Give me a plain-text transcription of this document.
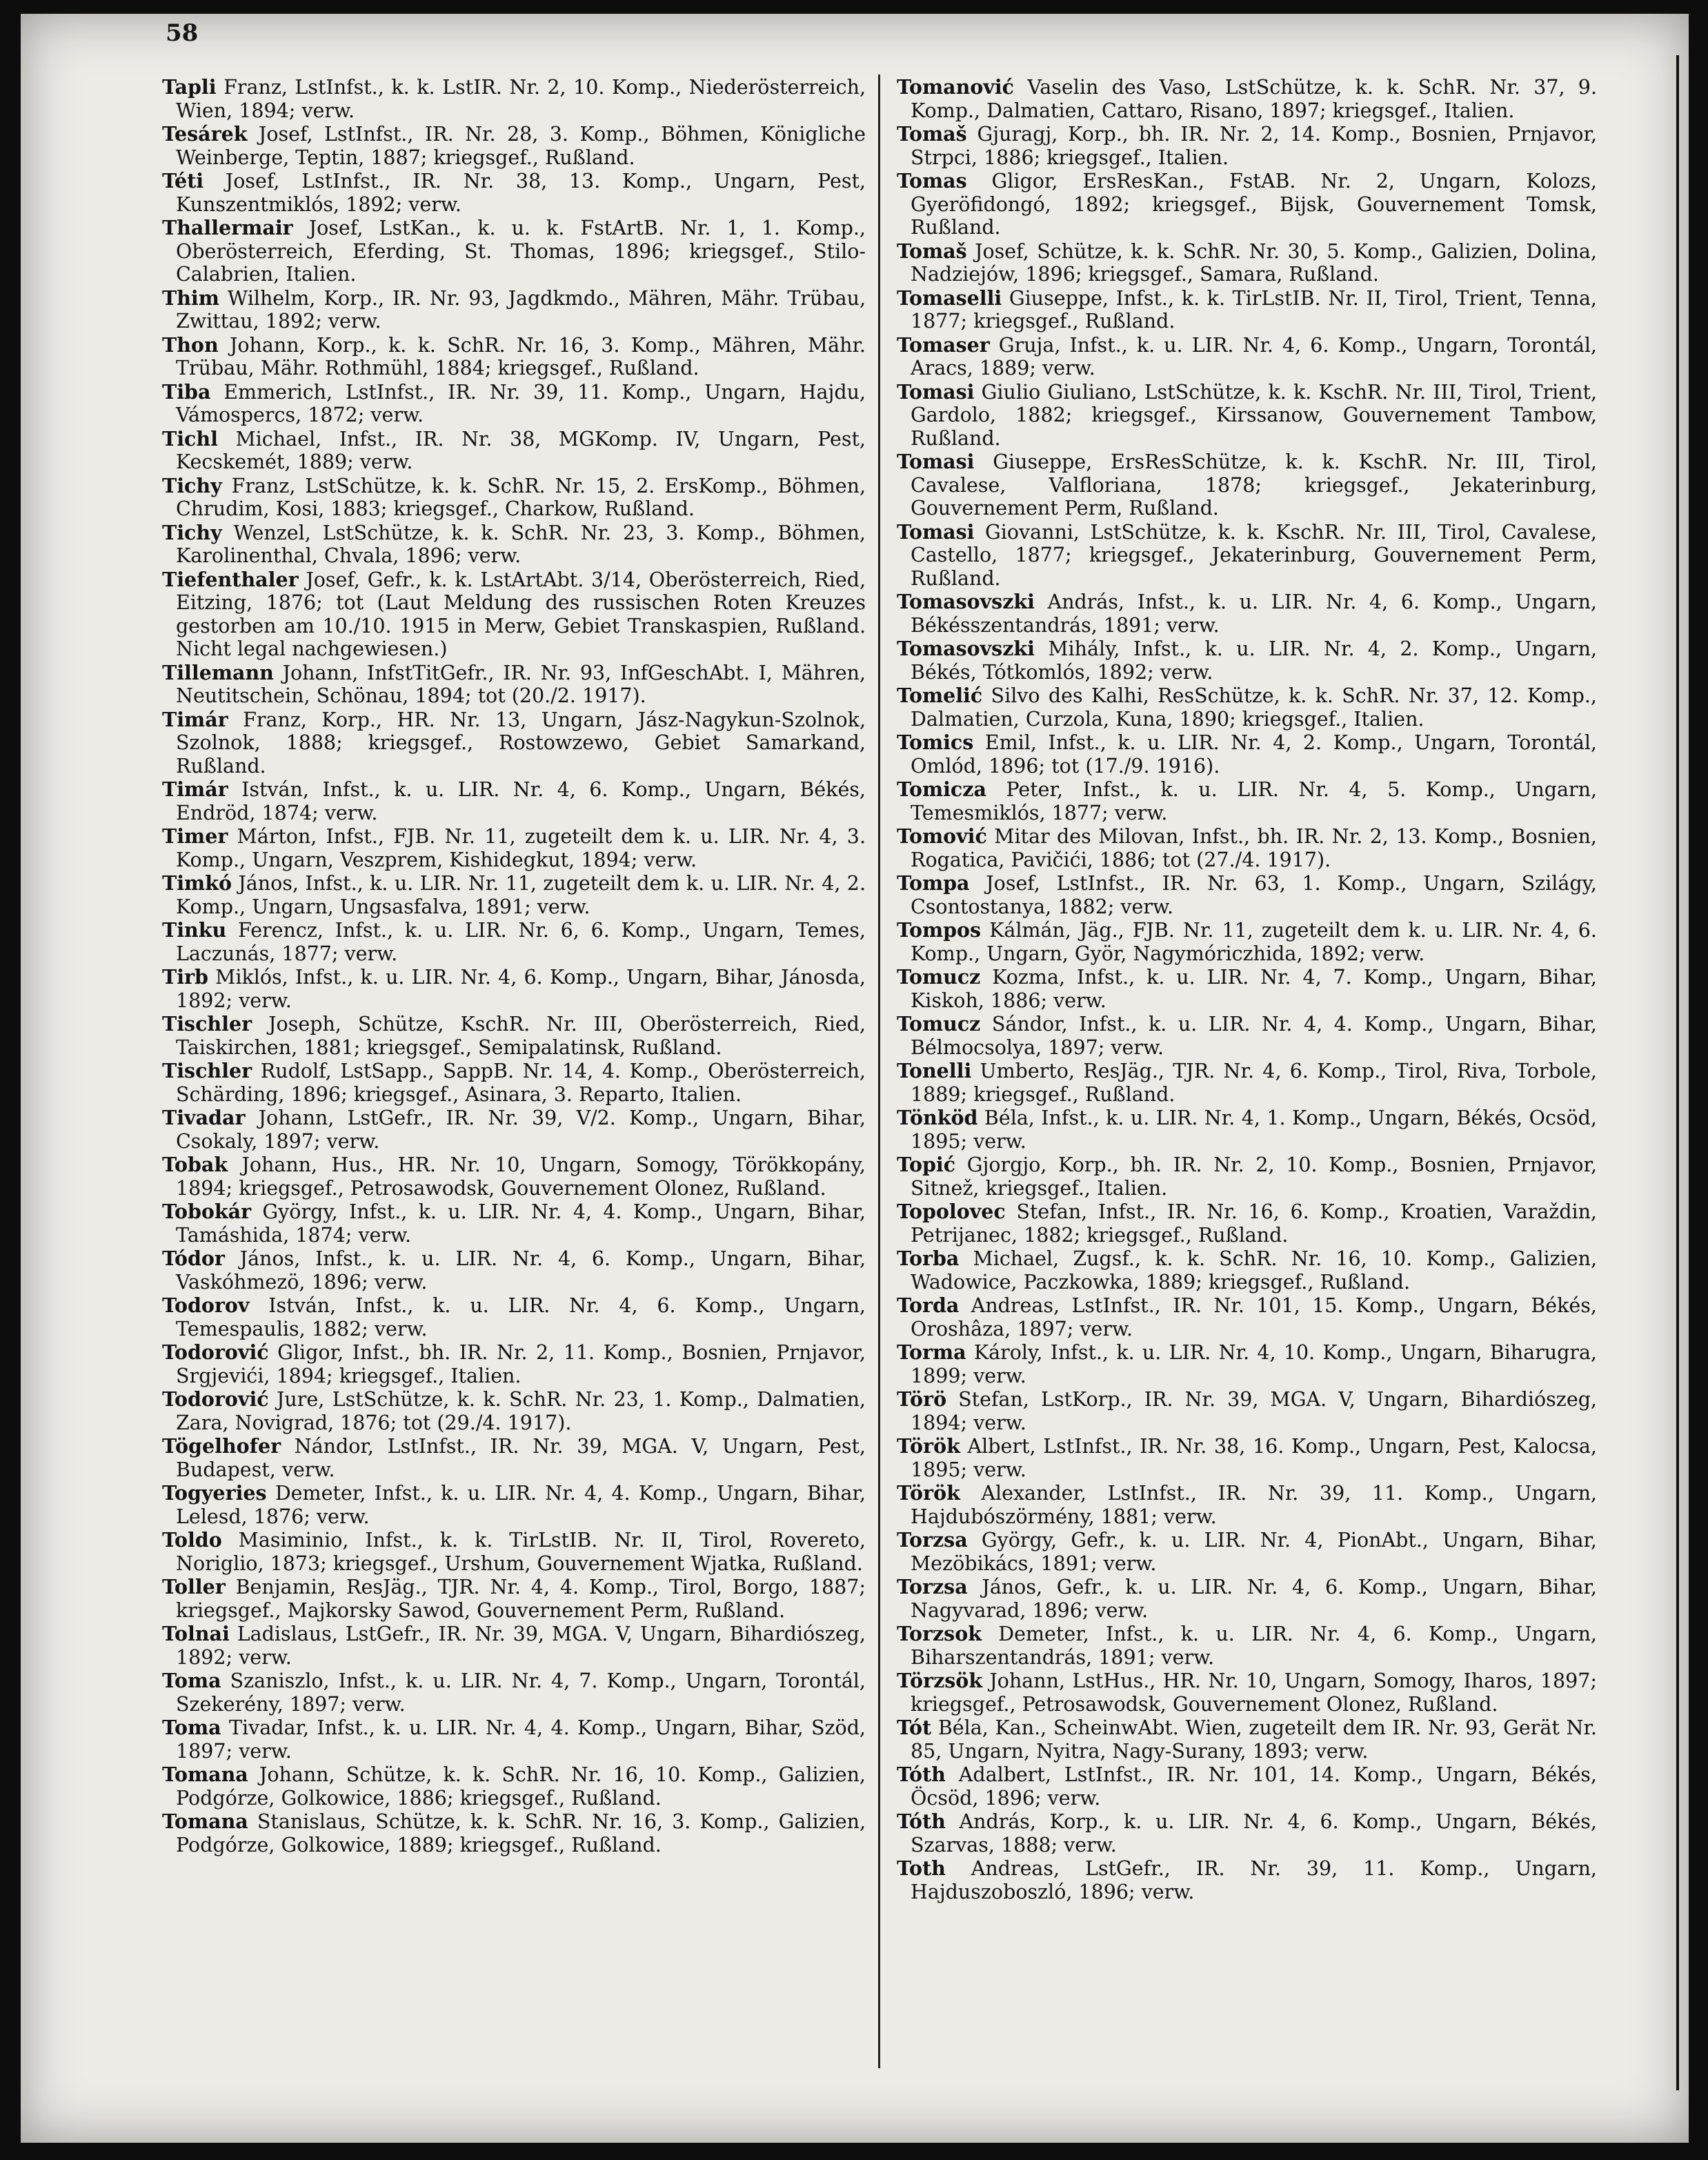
58

Tapli Franz, LstInfst., k. k. LstIR. Nr. 2, 10. Komp., Niederösterreich, Wien, 1894; verw.

Tesárek Josef, LstInfst., IR. Nr. 28, 3. Komp., Böhmen, Königliche Weinberge, Teptin, 1887; kriegsgef., Rußland.

Téti Josef, LstInfst., IR. Nr. 38, 13. Komp., Ungarn, Pest, Kunszentmiklós, 1892; verw.

Thallermair Josef, LstKan., k. u. k. FstArtB. Nr. 1, 1. Komp., Oberösterreich, Eferding, St. Thomas, 1896; kriegsgef., Stilo-Calabrien, Italien.

Thim Wilhelm, Korp., IR. Nr. 93, Jagdkmdo., Mähren, Mähr. Trübau, Zwittau, 1892; verw.

Thon Johann, Korp., k. k. SchR. Nr. 16, 3. Komp., Mähren, Mähr. Trübau, Mähr. Rothmühl, 1884; kriegsgef., Rußland.

Tiba Emmerich, LstInfst., IR. Nr. 39, 11. Komp., Ungarn, Hajdu, Vámospercs, 1872; verw.

Tichl Michael, Infst., IR. Nr. 38, MGKomp. IV, Ungarn, Pest, Kecskemét, 1889; verw.

Tichy Franz, LstSchütze, k. k. SchR. Nr. 15, 2. ErsKomp., Böhmen, Chrudim, Kosi, 1883; kriegsgef., Charkow, Rußland.

Tichy Wenzel, LstSchütze, k. k. SchR. Nr. 23, 3. Komp., Böhmen, Karolinenthal, Chvala, 1896; verw.

Tiefenthaler Josef, Gefr., k. k. LstArtAbt. 3/14, Oberösterreich, Ried, Eitzing, 1876; tot (Laut Meldung des russischen Roten Kreuzes gestorben am 10./10. 1915 in Merw, Gebiet Transkaspien, Rußland. Nicht legal nachgewiesen.)

Tillemann Johann, InfstTitGefr., IR. Nr. 93, InfGeschAbt. I, Mähren, Neutitschein, Schönau, 1894; tot (20./2. 1917).

Timár Franz, Korp., HR. Nr. 13, Ungarn, Jász-Nagykun-Szolnok, Szolnok, 1888; kriegsgef., Rostowzewo, Gebiet Samarkand, Rußland.

Timár István, Infst., k. u. LIR. Nr. 4, 6. Komp., Ungarn, Békés, Endröd, 1874; verw.

Timer Márton, Infst., FJB. Nr. 11, zugeteilt dem k. u. LIR. Nr. 4, 3. Komp., Ungarn, Veszprem, Kishidegkut, 1894; verw.

Timkó János, Infst., k. u. LIR. Nr. 11, zugeteilt dem k. u. LIR. Nr. 4, 2. Komp., Ungarn, Ungsasfalva, 1891; verw.

Tinku Ferencz, Infst., k. u. LIR. Nr. 6, 6. Komp., Ungarn, Temes, Laczunás, 1877; verw.

Tirb Miklós, Infst., k. u. LIR. Nr. 4, 6. Komp., Ungarn, Bihar, Jánosda, 1892; verw.

Tischler Joseph, Schütze, KschR. Nr. III, Oberösterreich, Ried, Taiskirchen, 1881; kriegsgef., Semipalatinsk, Rußland.

Tischler Rudolf, LstSapp., SappB. Nr. 14, 4. Komp., Oberösterreich, Schärding, 1896; kriegsgef., Asinara, 3. Reparto, Italien.

Tivadar Johann, LstGefr., IR. Nr. 39, V/2. Komp., Ungarn, Bihar, Csokaly, 1897; verw.

Tobak Johann, Hus., HR. Nr. 10, Ungarn, Somogy, Törökkopány, 1894; kriegsgef., Petrosawodsk, Gouvernement Olonez, Rußland.

Tobokár György, Infst., k. u. LIR. Nr. 4, 4. Komp., Ungarn, Bihar, Tamáshida, 1874; verw.

Tódor János, Infst., k. u. LIR. Nr. 4, 6. Komp., Ungarn, Bihar, Vaskóhmezö, 1896; verw.

Todorov István, Infst., k. u. LIR. Nr. 4, 6. Komp., Ungarn, Temespaulis, 1882; verw.

Todorović Gligor, Infst., bh. IR. Nr. 2, 11. Komp., Bosnien, Prnjavor, Srgjevići, 1894; kriegsgef., Italien.

Todorović Jure, LstSchütze, k. k. SchR. Nr. 23, 1. Komp., Dalmatien, Zara, Novigrad, 1876; tot (29./4. 1917).

Tögelhofer Nándor, LstInfst., IR. Nr. 39, MGA. V, Ungarn, Pest, Budapest, verw.

Togyeries Demeter, Infst., k. u. LIR. Nr. 4, 4. Komp., Ungarn, Bihar, Lelesd, 1876; verw.

Toldo Masiminio, Infst., k. k. TirLstIB. Nr. II, Tirol, Rovereto, Noriglio, 1873; kriegsgef., Urshum, Gouvernement Wjatka, Rußland.

Toller Benjamin, ResJäg., TJR. Nr. 4, 4. Komp., Tirol, Borgo, 1887; kriegsgef., Majkorsky Sawod, Gouvernement Perm, Rußland.

Tolnai Ladislaus, LstGefr., IR. Nr. 39, MGA. V, Ungarn, Bihardiószeg, 1892; verw.

Toma Szaniszlo, Infst., k. u. LIR. Nr. 4, 7. Komp., Ungarn, Torontál, Szekerény, 1897; verw.

Toma Tivadar, Infst., k. u. LIR. Nr. 4, 4. Komp., Ungarn, Bihar, Szöd, 1897; verw.

Tomana Johann, Schütze, k. k. SchR. Nr. 16, 10. Komp., Galizien, Podgórze, Golkowice, 1886; kriegsgef., Rußland.

Tomana Stanislaus, Schütze, k. k. SchR. Nr. 16, 3. Komp., Galizien, Podgórze, Golkowice, 1889; kriegsgef., Rußland.

Tomanović Vaselin des Vaso, LstSchütze, k. k. SchR. Nr. 37, 9. Komp., Dalmatien, Cattaro, Risano, 1897; kriegsgef., Italien.

Tomaš Gjuragj, Korp., bh. IR. Nr. 2, 14. Komp., Bosnien, Prnjavor, Strpci, 1886; kriegsgef., Italien.

Tomas Gligor, ErsResKan., FstAB. Nr. 2, Ungarn, Kolozs, Gyeröfidongó, 1892; kriegsgef., Bijsk, Gouvernement Tomsk, Rußland.

Tomaš Josef, Schütze, k. k. SchR. Nr. 30, 5. Komp., Galizien, Dolina, Nadziejów, 1896; kriegsgef., Samara, Rußland.

Tomaselli Giuseppe, Infst., k. k. TirLstIB. Nr. II, Tirol, Trient, Tenna, 1877; kriegsgef., Rußland.

Tomaser Gruja, Infst., k. u. LIR. Nr. 4, 6. Komp., Ungarn, Torontál, Aracs, 1889; verw.

Tomasi Giulio Giuliano, LstSchütze, k. k. KschR. Nr. III, Tirol, Trient, Gardolo, 1882; kriegsgef., Kirssanow, Gouvernement Tambow, Rußland.

Tomasi Giuseppe, ErsResSchütze, k. k. KschR. Nr. III, Tirol, Cavalese, Valfloriana, 1878; kriegsgef., Jekaterinburg, Gouvernement Perm, Rußland.

Tomasi Giovanni, LstSchütze, k. k. KschR. Nr. III, Tirol, Cavalese, Castello, 1877; kriegsgef., Jekaterinburg, Gouvernement Perm, Rußland.

Tomasovszki András, Infst., k. u. LIR. Nr. 4, 6. Komp., Ungarn, Békésszentandrás, 1891; verw.

Tomasovszki Mihály, Infst., k. u. LIR. Nr. 4, 2. Komp., Ungarn, Békés, Tótkomlós, 1892; verw.

Tomelić Silvo des Kalhi, ResSchütze, k. k. SchR. Nr. 37, 12. Komp., Dalmatien, Curzola, Kuna, 1890; kriegsgef., Italien.

Tomics Emil, Infst., k. u. LIR. Nr. 4, 2. Komp., Ungarn, Torontál, Omlód, 1896; tot (17./9. 1916).

Tomicza Peter, Infst., k. u. LIR. Nr. 4, 5. Komp., Ungarn, Temesmiklós, 1877; verw.

Tomović Mitar des Milovan, Infst., bh. IR. Nr. 2, 13. Komp., Bosnien, Rogatica, Pavičići, 1886; tot (27./4. 1917).

Tompa Josef, LstInfst., IR. Nr. 63, 1. Komp., Ungarn, Szilágy, Csontostanya, 1882; verw.

Tompos Kálmán, Jäg., FJB. Nr. 11, zugeteilt dem k. u. LIR. Nr. 4, 6. Komp., Ungarn, Györ, Nagymóriczhida, 1892; verw.

Tomucz Kozma, Infst., k. u. LIR. Nr. 4, 7. Komp., Ungarn, Bihar, Kiskoh, 1886; verw.

Tomucz Sándor, Infst., k. u. LIR. Nr. 4, 4. Komp., Ungarn, Bihar, Bélmocsolya, 1897; verw.

Tonelli Umberto, ResJäg., TJR. Nr. 4, 6. Komp., Tirol, Riva, Torbole, 1889; kriegsgef., Rußland.

Tönköd Béla, Infst., k. u. LIR. Nr. 4, 1. Komp., Ungarn, Békés, Ocsöd, 1895; verw.

Topić Gjorgjo, Korp., bh. IR. Nr. 2, 10. Komp., Bosnien, Prnjavor, Sitnež, kriegsgef., Italien.

Topolovec Stefan, Infst., IR. Nr. 16, 6. Komp., Kroatien, Varaždin, Petrijanec, 1882; kriegsgef., Rußland.

Torba Michael, Zugsf., k. k. SchR. Nr. 16, 10. Komp., Galizien, Wadowice, Paczkowka, 1889; kriegsgef., Rußland.

Torda Andreas, LstInfst., IR. Nr. 101, 15. Komp., Ungarn, Békés, Oroshâza, 1897; verw.

Torma Károly, Infst., k. u. LIR. Nr. 4, 10. Komp., Ungarn, Biharugra, 1899; verw.

Törö Stefan, LstKorp., IR. Nr. 39, MGA. V, Ungarn, Bihardiószeg, 1894; verw.

Török Albert, LstInfst., IR. Nr. 38, 16. Komp., Ungarn, Pest, Kalocsa, 1895; verw.

Török Alexander, LstInfst., IR. Nr. 39, 11. Komp., Ungarn, Hajdubószörmény, 1881; verw.

Torzsa György, Gefr., k. u. LIR. Nr. 4, PionAbt., Ungarn, Bihar, Mezöbikács, 1891; verw.

Torzsa János, Gefr., k. u. LIR. Nr. 4, 6. Komp., Ungarn, Bihar, Nagyvarad, 1896; verw.

Torzsok Demeter, Infst., k. u. LIR. Nr. 4, 6. Komp., Ungarn, Biharszentandrás, 1891; verw.

Törzsök Johann, LstHus., HR. Nr. 10, Ungarn, Somogy, Iharos, 1897; kriegsgef., Petrosawodsk, Gouvernement Olonez, Rußland.

Tót Béla, Kan., ScheinwAbt. Wien, zugeteilt dem IR. Nr. 93, Gerät Nr. 85, Ungarn, Nyitra, Nagy-Surany, 1893; verw.

Tóth Adalbert, LstInfst., IR. Nr. 101, 14. Komp., Ungarn, Békés, Öcsöd, 1896; verw.

Tóth András, Korp., k. u. LIR. Nr. 4, 6. Komp., Ungarn, Békés, Szarvas, 1888; verw.

Toth Andreas, LstGefr., IR. Nr. 39, 11. Komp., Ungarn, Hajduszoboszló, 1896; verw.
